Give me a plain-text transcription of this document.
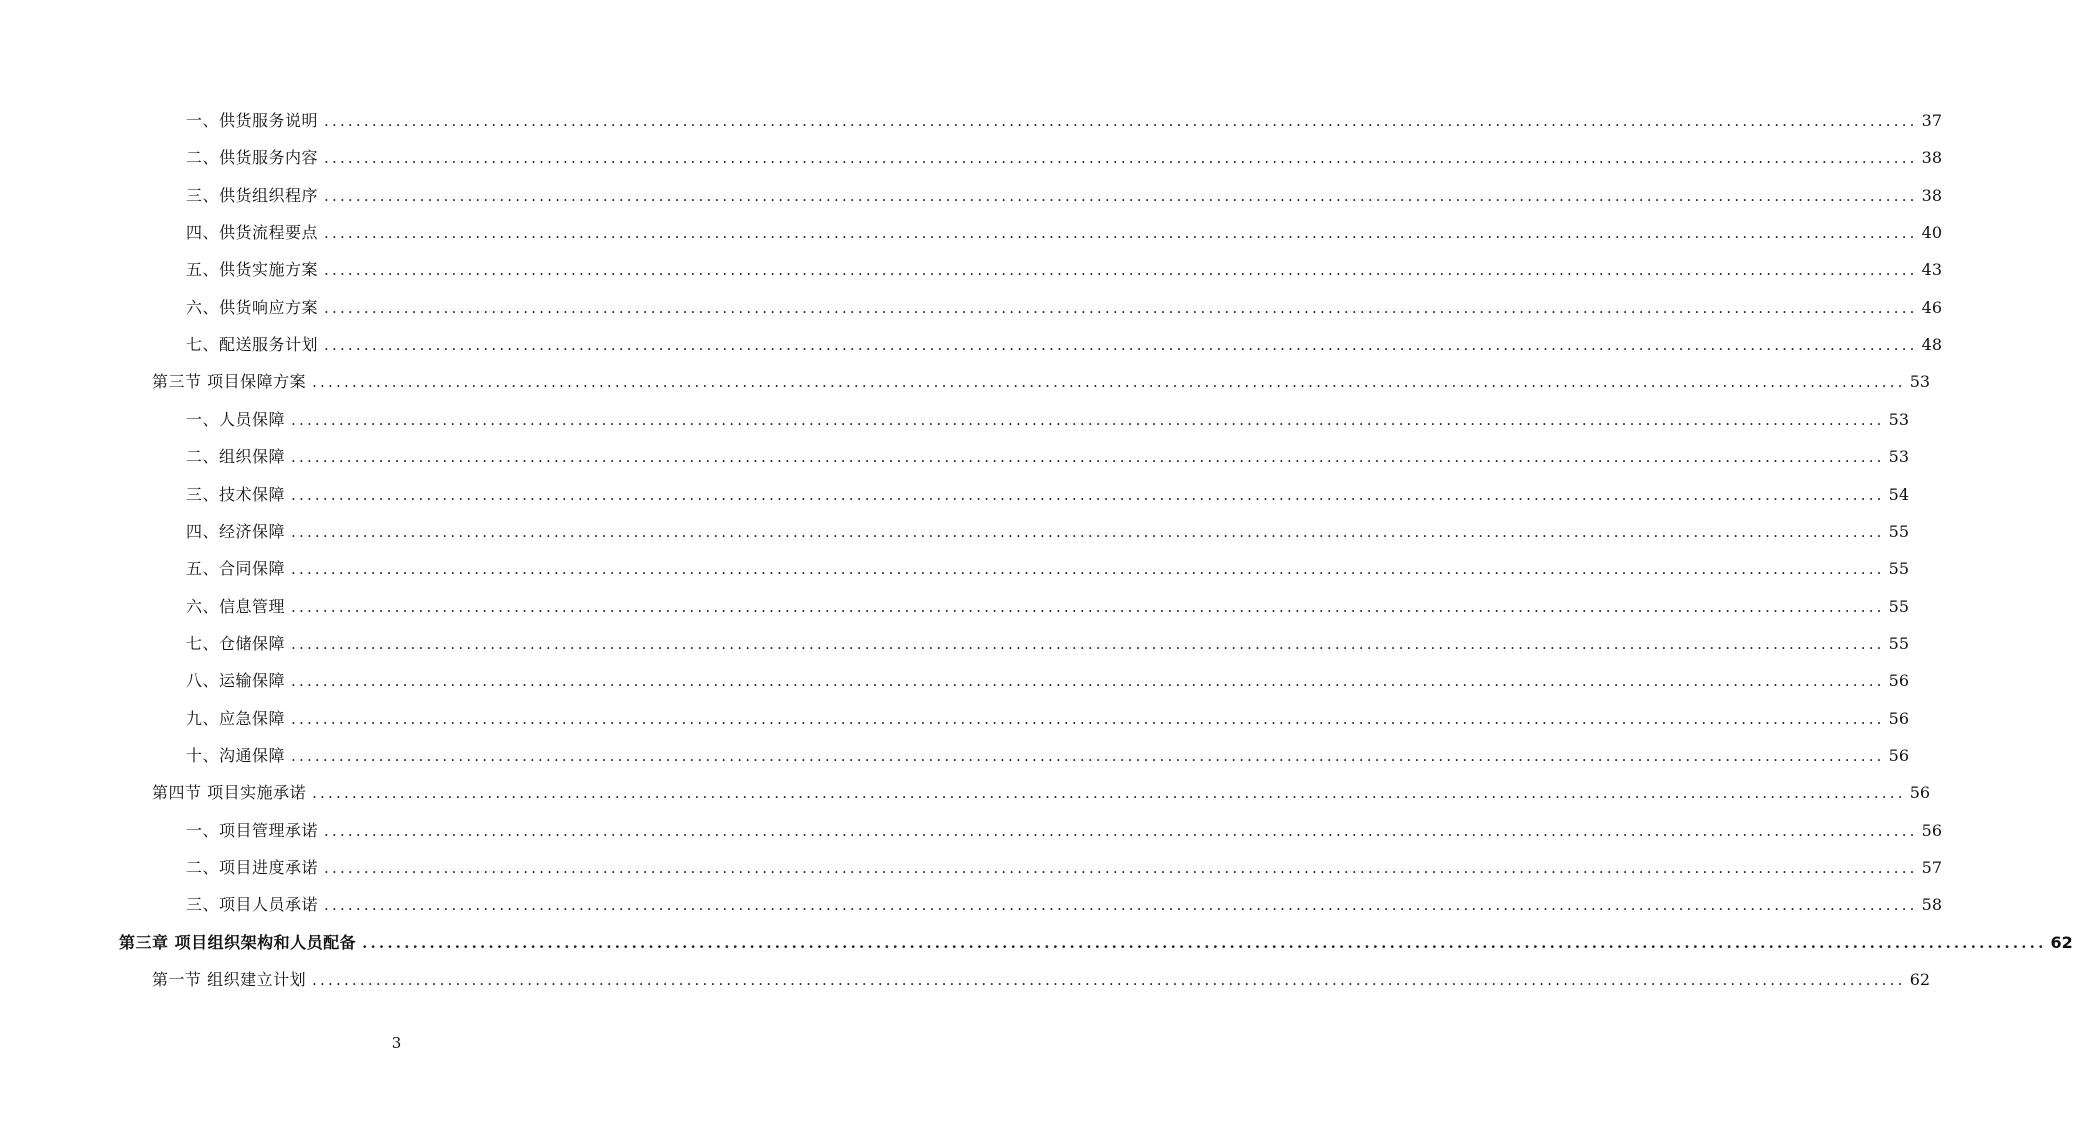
一、供货服务说明 ........................................................................................................................................................................................................ 37
二、供货服务内容 ........................................................................................................................................................................................................ 38
三、供货组织程序 ........................................................................................................................................................................................................ 38
四、供货流程要点 ........................................................................................................................................................................................................ 40
五、供货实施方案 ........................................................................................................................................................................................................ 43
六、供货响应方案 ........................................................................................................................................................................................................ 46
七、配送服务计划 ........................................................................................................................................................................................................ 48
第三节 项目保障方案 ........................................................................................................................................................................................................ 53
一、人员保障 ........................................................................................................................................................................................................ 53
二、组织保障 ........................................................................................................................................................................................................ 53
三、技术保障 ........................................................................................................................................................................................................ 54
四、经济保障 ........................................................................................................................................................................................................ 55
五、合同保障 ........................................................................................................................................................................................................ 55
六、信息管理 ........................................................................................................................................................................................................ 55
七、仓储保障 ........................................................................................................................................................................................................ 55
八、运输保障 ........................................................................................................................................................................................................ 56
九、应急保障 ........................................................................................................................................................................................................ 56
十、沟通保障 ........................................................................................................................................................................................................ 56
第四节 项目实施承诺 ........................................................................................................................................................................................................ 56
一、项目管理承诺 ........................................................................................................................................................................................................ 56
二、项目进度承诺 ........................................................................................................................................................................................................ 57
三、项目人员承诺 ........................................................................................................................................................................................................ 58
第三章 项目组织架构和人员配备 ........................................................................................................................................................................................................ 62
第一节 组织建立计划 ........................................................................................................................................................................................................ 62
3
